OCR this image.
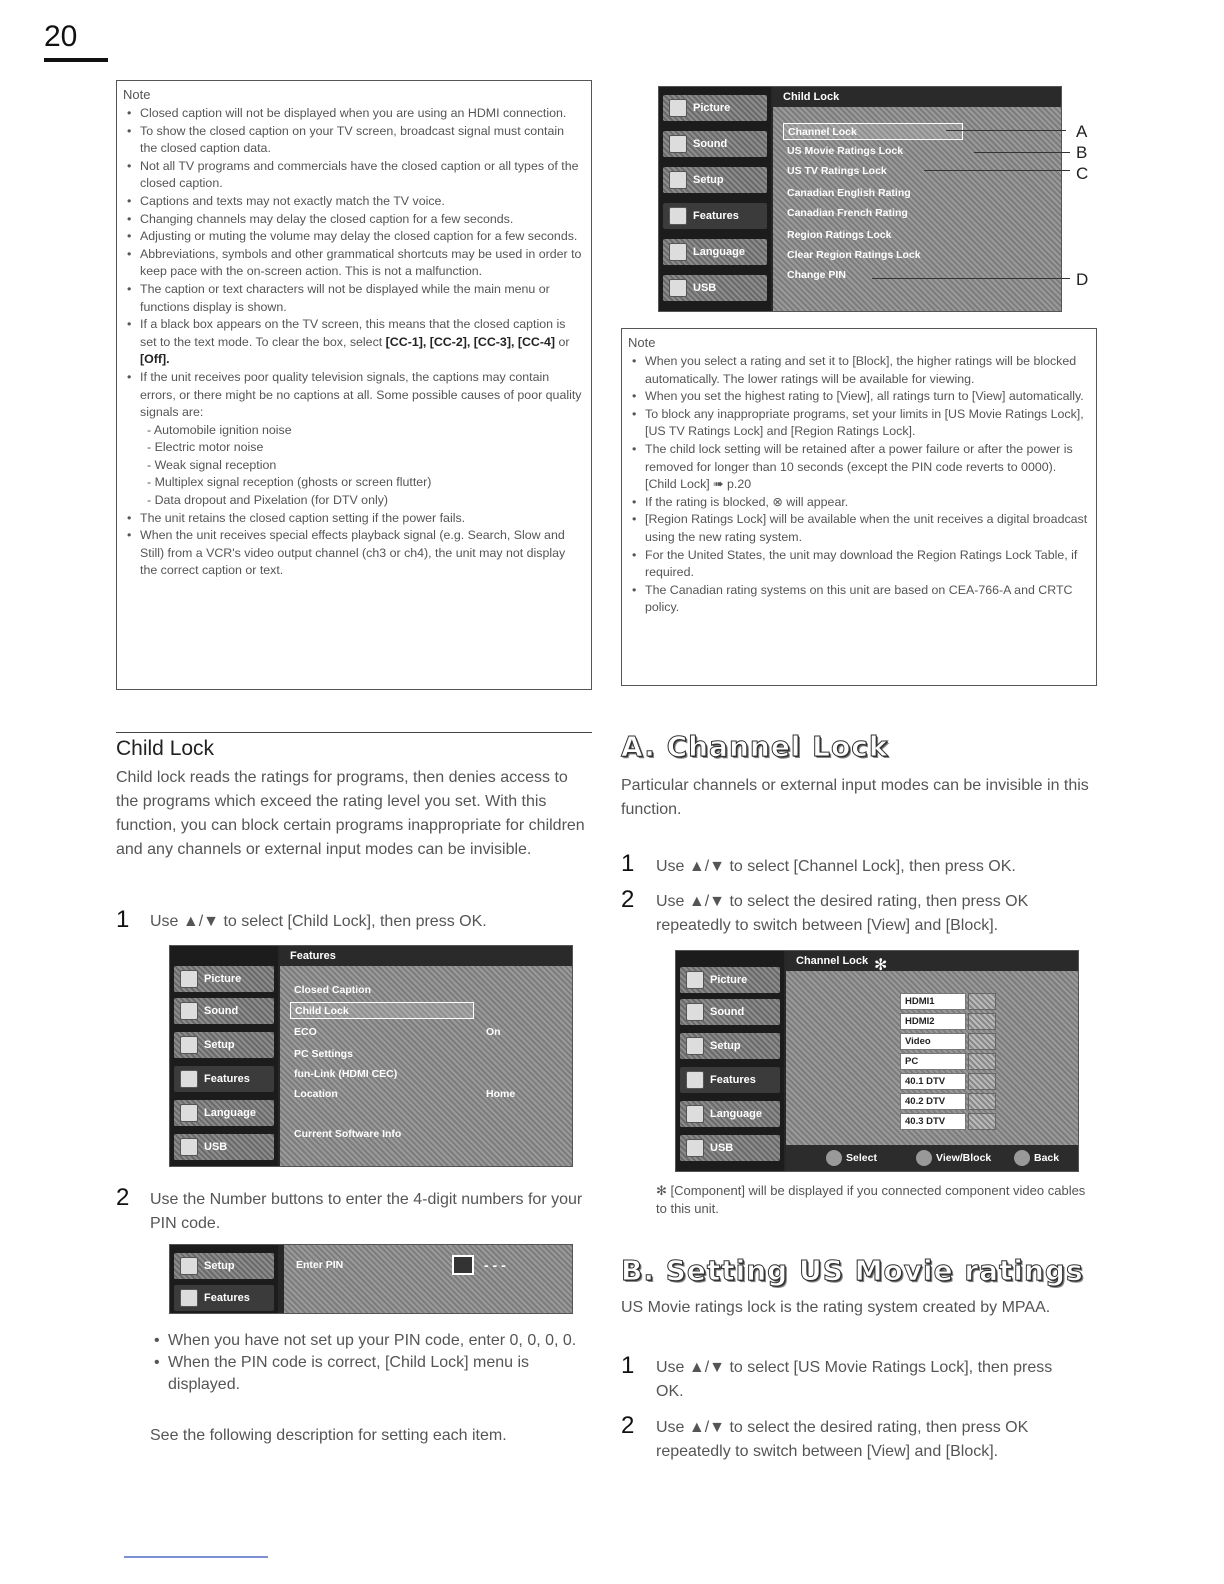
20
Note
• Closed caption will not be displayed when you are using an HDMI connection.
• To show the closed caption on your TV screen, broadcast signal must contain the closed caption data.
• Not all TV programs and commercials have the closed caption or all types of the closed caption.
• Captions and texts may not exactly match the TV voice.
• Changing channels may delay the closed caption for a few seconds.
• Adjusting or muting the volume may delay the closed caption for a few seconds.
• Abbreviations, symbols and other grammatical shortcuts may be used in order to keep pace with the on-screen action. This is not a malfunction.
• The caption or text characters will not be displayed while the main menu or functions display is shown.
• If a black box appears on the TV screen, this means that the closed caption is set to the text mode. To clear the box, select [CC-1], [CC-2], [CC-3], [CC-4] or [Off].
• If the unit receives poor quality television signals, the captions may contain errors, or there might be no captions at all. Some possible causes of poor quality signals are:
- Automobile ignition noise
- Electric motor noise
- Weak signal reception
- Multiplex signal reception (ghosts or screen flutter)
- Data dropout and Pixelation (for DTV only)
• The unit retains the closed caption setting if the power fails.
• When the unit receives special effects playback signal (e.g. Search, Slow and Still) from a VCR's video output channel (ch3 or ch4), the unit may not display the correct caption or text.
Picture
Sound
Setup
Features
Language
USB
Child Lock
Channel Lock
US Movie Ratings Lock
US TV Ratings Lock
Canadian English Rating
Canadian French Rating
Region Ratings Lock
Clear Region Ratings Lock
Change PIN
A
B
C
D
Note
• When you select a rating and set it to [Block], the higher ratings will be blocked automatically. The lower ratings will be available for viewing.
• When you set the highest rating to [View], all ratings turn to [View] automatically.
• To block any inappropriate programs, set your limits in [US Movie Ratings Lock], [US TV Ratings Lock] and [Region Ratings Lock].
• The child lock setting will be retained after a power failure or after the power is removed for longer than 10 seconds (except the PIN code reverts to 0000). [Child Lock] ➠ p.20
• If the rating is blocked, ⊗ will appear.
• [Region Ratings Lock] will be available when the unit receives a digital broadcast using the new rating system.
• For the United States, the unit may download the Region Ratings Lock Table, if required.
• The Canadian rating systems on this unit are based on CEA-766-A and CRTC policy.
Child Lock
Child lock reads the ratings for programs, then denies access to the programs which exceed the rating level you set. With this function, you can block certain programs inappropriate for children and any channels or external input modes can be invisible.
1 Use ▲/▼ to select [Child Lock], then press OK.
Picture
Sound
Setup
Features
Language
USB
Features
Closed Caption
Child Lock
ECO	On
PC Settings
fun-Link (HDMI CEC)
Location	Home
Current Software Info
2 Use the Number buttons to enter the 4-digit numbers for your PIN code.
Setup
Features
Enter PIN	- - -
• When you have not set up your PIN code, enter 0, 0, 0, 0.
• When the PIN code is correct, [Child Lock] menu is displayed.
See the following description for setting each item.
A. Channel Lock
Particular channels or external input modes can be invisible in this function.
1 Use ▲/▼ to select [Channel Lock], then press OK.
2 Use ▲/▼ to select the desired rating, then press OK repeatedly to switch between [View] and [Block].
Picture
Sound
Setup
Features
Language
USB
Channel Lock ✻
HDMI1
HDMI2
Video
PC
40.1 DTV
40.2 DTV
40.3 DTV
Select	View/Block	Back
✻ [Component] will be displayed if you connected component video cables to this unit.
B. Setting US Movie ratings
US Movie ratings lock is the rating system created by MPAA.
1 Use ▲/▼ to select [US Movie Ratings Lock], then press OK.
2 Use ▲/▼ to select the desired rating, then press OK repeatedly to switch between [View] and [Block].
